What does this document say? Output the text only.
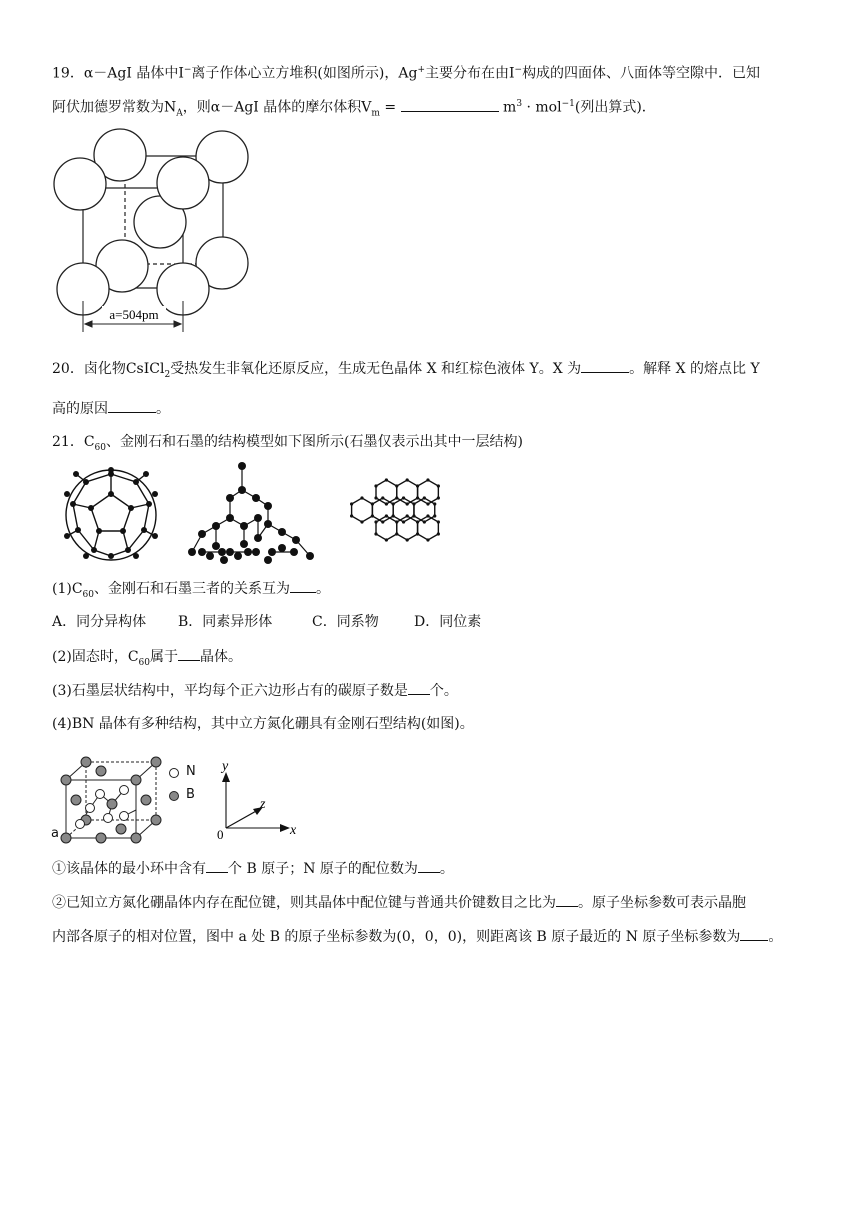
19．α－AgI 晶体中I−离子作体心立方堆积(如图所示)，Ag+主要分布在由I−构成的四面体、八面体等空隙中．已知
阿伏加德罗常数为$N_A$，则α－AgI 晶体的摩尔体积$V_m$ =	$m^3 \cdot mol^{-1}$(列出算式)．
a=504pm
20．卤化物CsICl$_2$受热发生非氧化还原反应，生成无色晶体 X 和红棕色液体 Y。X 为	。解释 X 的熔点比 Y
高的原因	。
21．$C_{60}$、金刚石和石墨的结构模型如下图所示(石墨仅表示出其中一层结构)
$(1)C_{60}$、金刚石和石墨三者的关系互为 。
A．同分异构体 B．同素异形体	C．同系物	D．同位素
(2)固态时，$C_{60}$属于 晶体。
(3)石墨层状结构中，平均每个正六边形占有的碳原子数是 个。
(4)BN 晶体有多种结构，其中立方氮化硼具有金刚石型结构(如图)。
a
N
B
y
z
x
0
①该晶体的最小环中含有 个 B 原子；N 原子的配位数为 。
②已知立方氮化硼晶体内存在配位键，则其晶体中配位键与普通共价键数目之比为 。原子坐标参数可表示晶胞
内部各原子的相对位置，图中 a 处 B 的原子坐标参数为(0，0，0)，则距离该 B 原子最近的 N 原子坐标参数为 。
